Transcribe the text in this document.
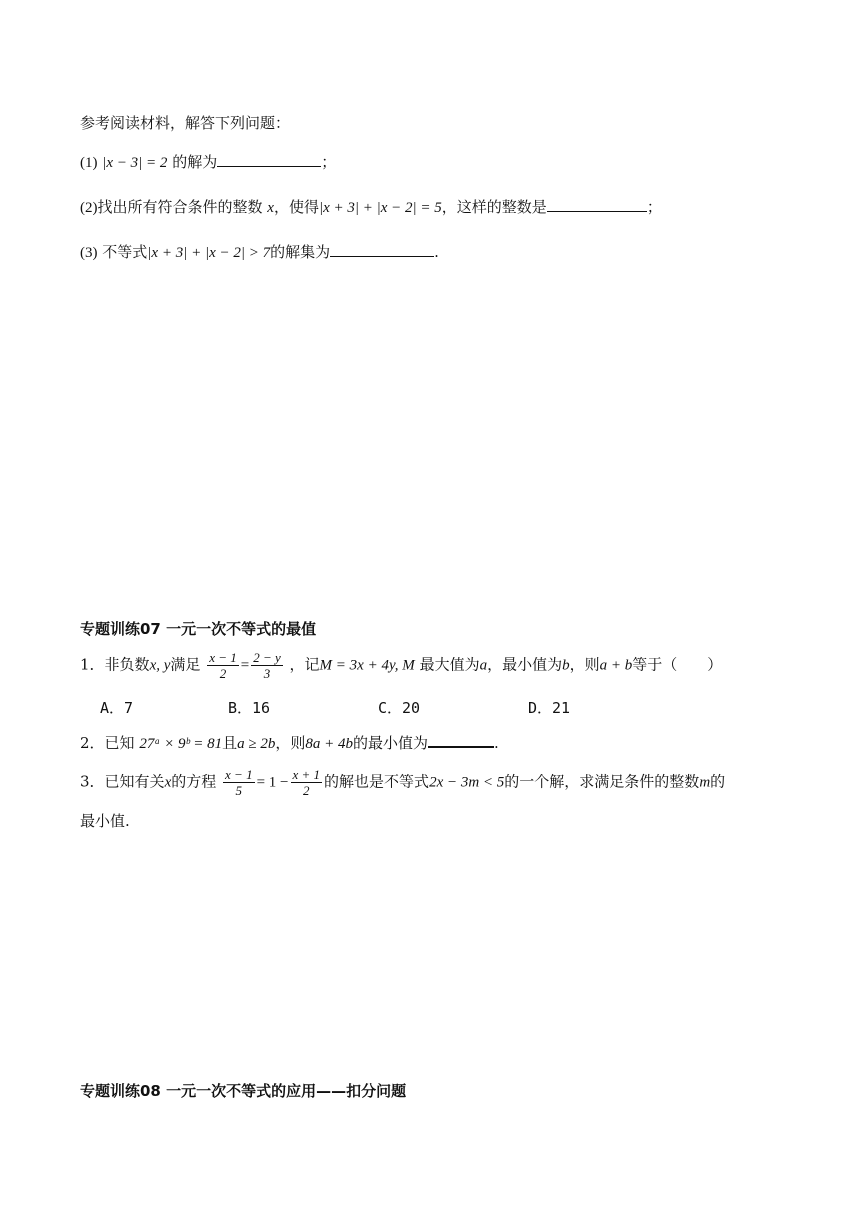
参考阅读材料，解答下列问题：
(1) |x − 3| = 2 的解为	；
(2)找出所有符合条件的整数 x，使得|x + 3| + |x − 2| = 5，这样的整数是	；
(3) 不等式|x + 3| + |x − 2| > 7的解集为	.
专题训练07 一元一次不等式的最值
1．非负数x, y满足 $\frac{x - 1}{2} = \frac{2 - y}{3}$ ，记M = 3x + 4y, M 最大值为a，最小值为b，则a + b等于（　　）
A．7	B．16	C．20	D．21
2．已知 27ᵃ × 9ᵇ = 81且a ≥ 2b，则8a + 4b的最小值为	.
3．已知有关x的方程 $\frac{x - 1}{5} = 1 - \frac{x + 1}{2}$ 的解也是不等式2x − 3m < 5的一个解，求满足条件的整数m的
最小值.
专题训练08 一元一次不等式的应用——扣分问题
